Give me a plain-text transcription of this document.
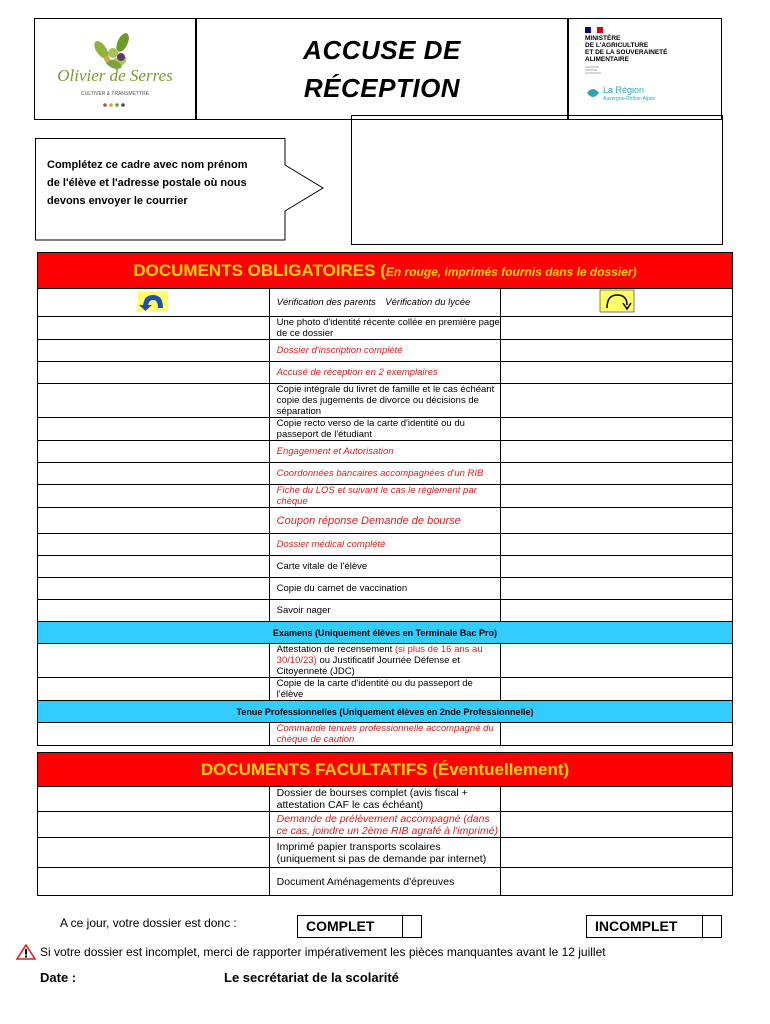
Olivier de Serres
CULTIVER & TRANSMETTRE
ACCUSE DE
RÉCEPTION
MINISTÈRE
DE L'AGRICULTURE
ET DE LA SOUVERAINETÉ
ALIMENTAIRE
La Région
Auvergne-Rhône-Alpes
Complétez ce cadre avec nom prénom de l'élève et l'adresse postale où nous devons envoyer le courrier
DOCUMENTS OBLIGATOIRES (En rouge, imprimés fournis dans le dossier)		
	Vérification des parents Vérification du lycée

	Une photo d'identité récente collée en première page de ce dossier	
	Dossier d'inscription complété	
	Accusé de réception en 2 exemplaires	
	Copie intégrale du livret de famille et le cas échéant copie des jugements de divorce ou décisions de séparation	
	Copie recto verso de la carte d'identité ou du passeport de l'étudiant	
	Engagement et Autorisation	
	Coordonnées bancaires accompagnées d'un RIB	
	Fiche du LOS et suivant le cas le règlement par chèque	
	Coupon réponse Demande de bourse	
	Dossier médical complété	
	Carte vitale de l'élève	
	Copie du carnet de vaccination	
	Savoir nager	
Examens (Uniquement élèves en Terminale Bac Pro)		
	Attestation de recensement (si plus de 16 ans au 30/10/23) ou Justificatif Journée Défense et Citoyenneté (JDC)	
	Copie de la carte d'identité ou du passeport de l'élève	
Tenue Professionnelles (Uniquement élèves en 2nde Professionnelle)		
	Commande tenues professionnelle accompagné du chèque de caution	
DOCUMENTS FACULTATIFS (Éventuellement)		
	Dossier de bourses complet (avis fiscal + attestation CAF le cas échéant)	
	Demande de prélèvement accompagné (dans ce cas, joindre un 2ème RIB agrafé à l'imprimé)	
	Imprimé papier transports scolaires (uniquement si pas de demande par internet)	
	Document Aménagements d'épreuves	
A ce jour, votre dossier est donc :	COMPLET	INCOMPLET
Si votre dossier est incomplet, merci de rapporter impérativement les pièces manquantes avant le 12 juillet
Date :	Le secrétariat de la scolarité
